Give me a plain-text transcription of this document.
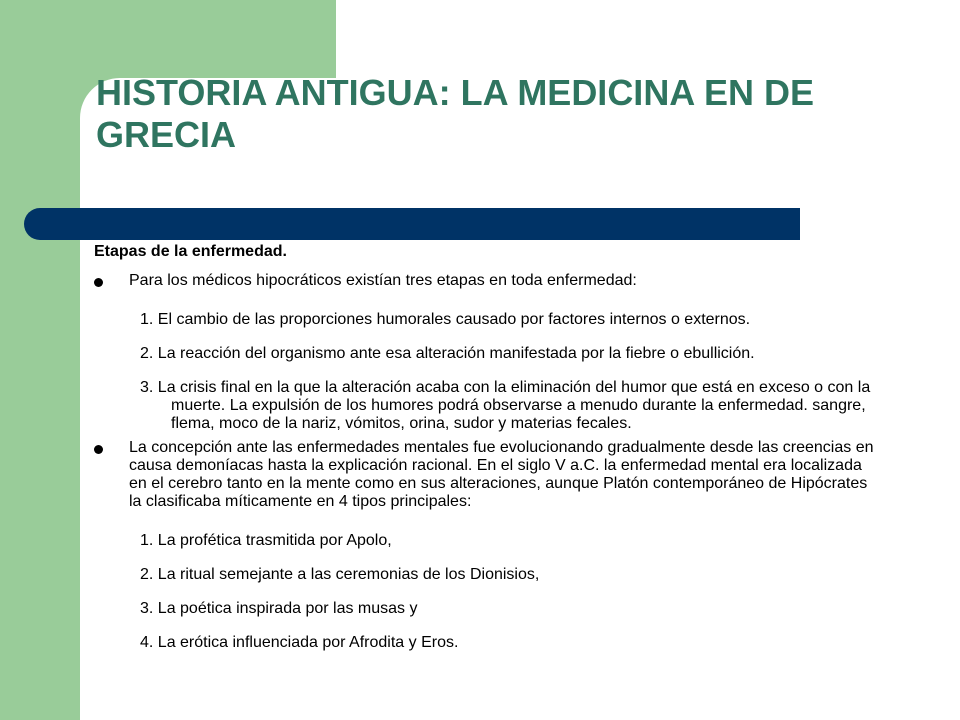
HISTORIA ANTIGUA: LA MEDICINA EN DE GRECIA

Etapas de la enfermedad.

Para los médicos hipocráticos existían tres etapas en toda enfermedad:

1. El cambio de las proporciones humorales causado por factores internos o externos.

2. La reacción del organismo ante esa alteración manifestada por la fiebre o ebullición.

3. La crisis final en la que la alteración acaba con la eliminación del humor que está en exceso o con la muerte. La expulsión de los humores podrá observarse a menudo durante la enfermedad. sangre, flema, moco de la nariz, vómitos, orina, sudor y materias fecales.

La concepción ante las enfermedades mentales fue evolucionando gradualmente desde las creencias en causa demoníacas hasta la explicación racional. En el siglo V a.C. la enfermedad mental era localizada en el cerebro tanto en la mente como en sus alteraciones, aunque Platón contemporáneo de Hipócrates la clasificaba míticamente en 4 tipos principales:

1. La profética trasmitida por Apolo,

2. La ritual semejante a las ceremonias de los Dionisios,

3. La poética inspirada por las musas y

4. La erótica influenciada por Afrodita y Eros.
